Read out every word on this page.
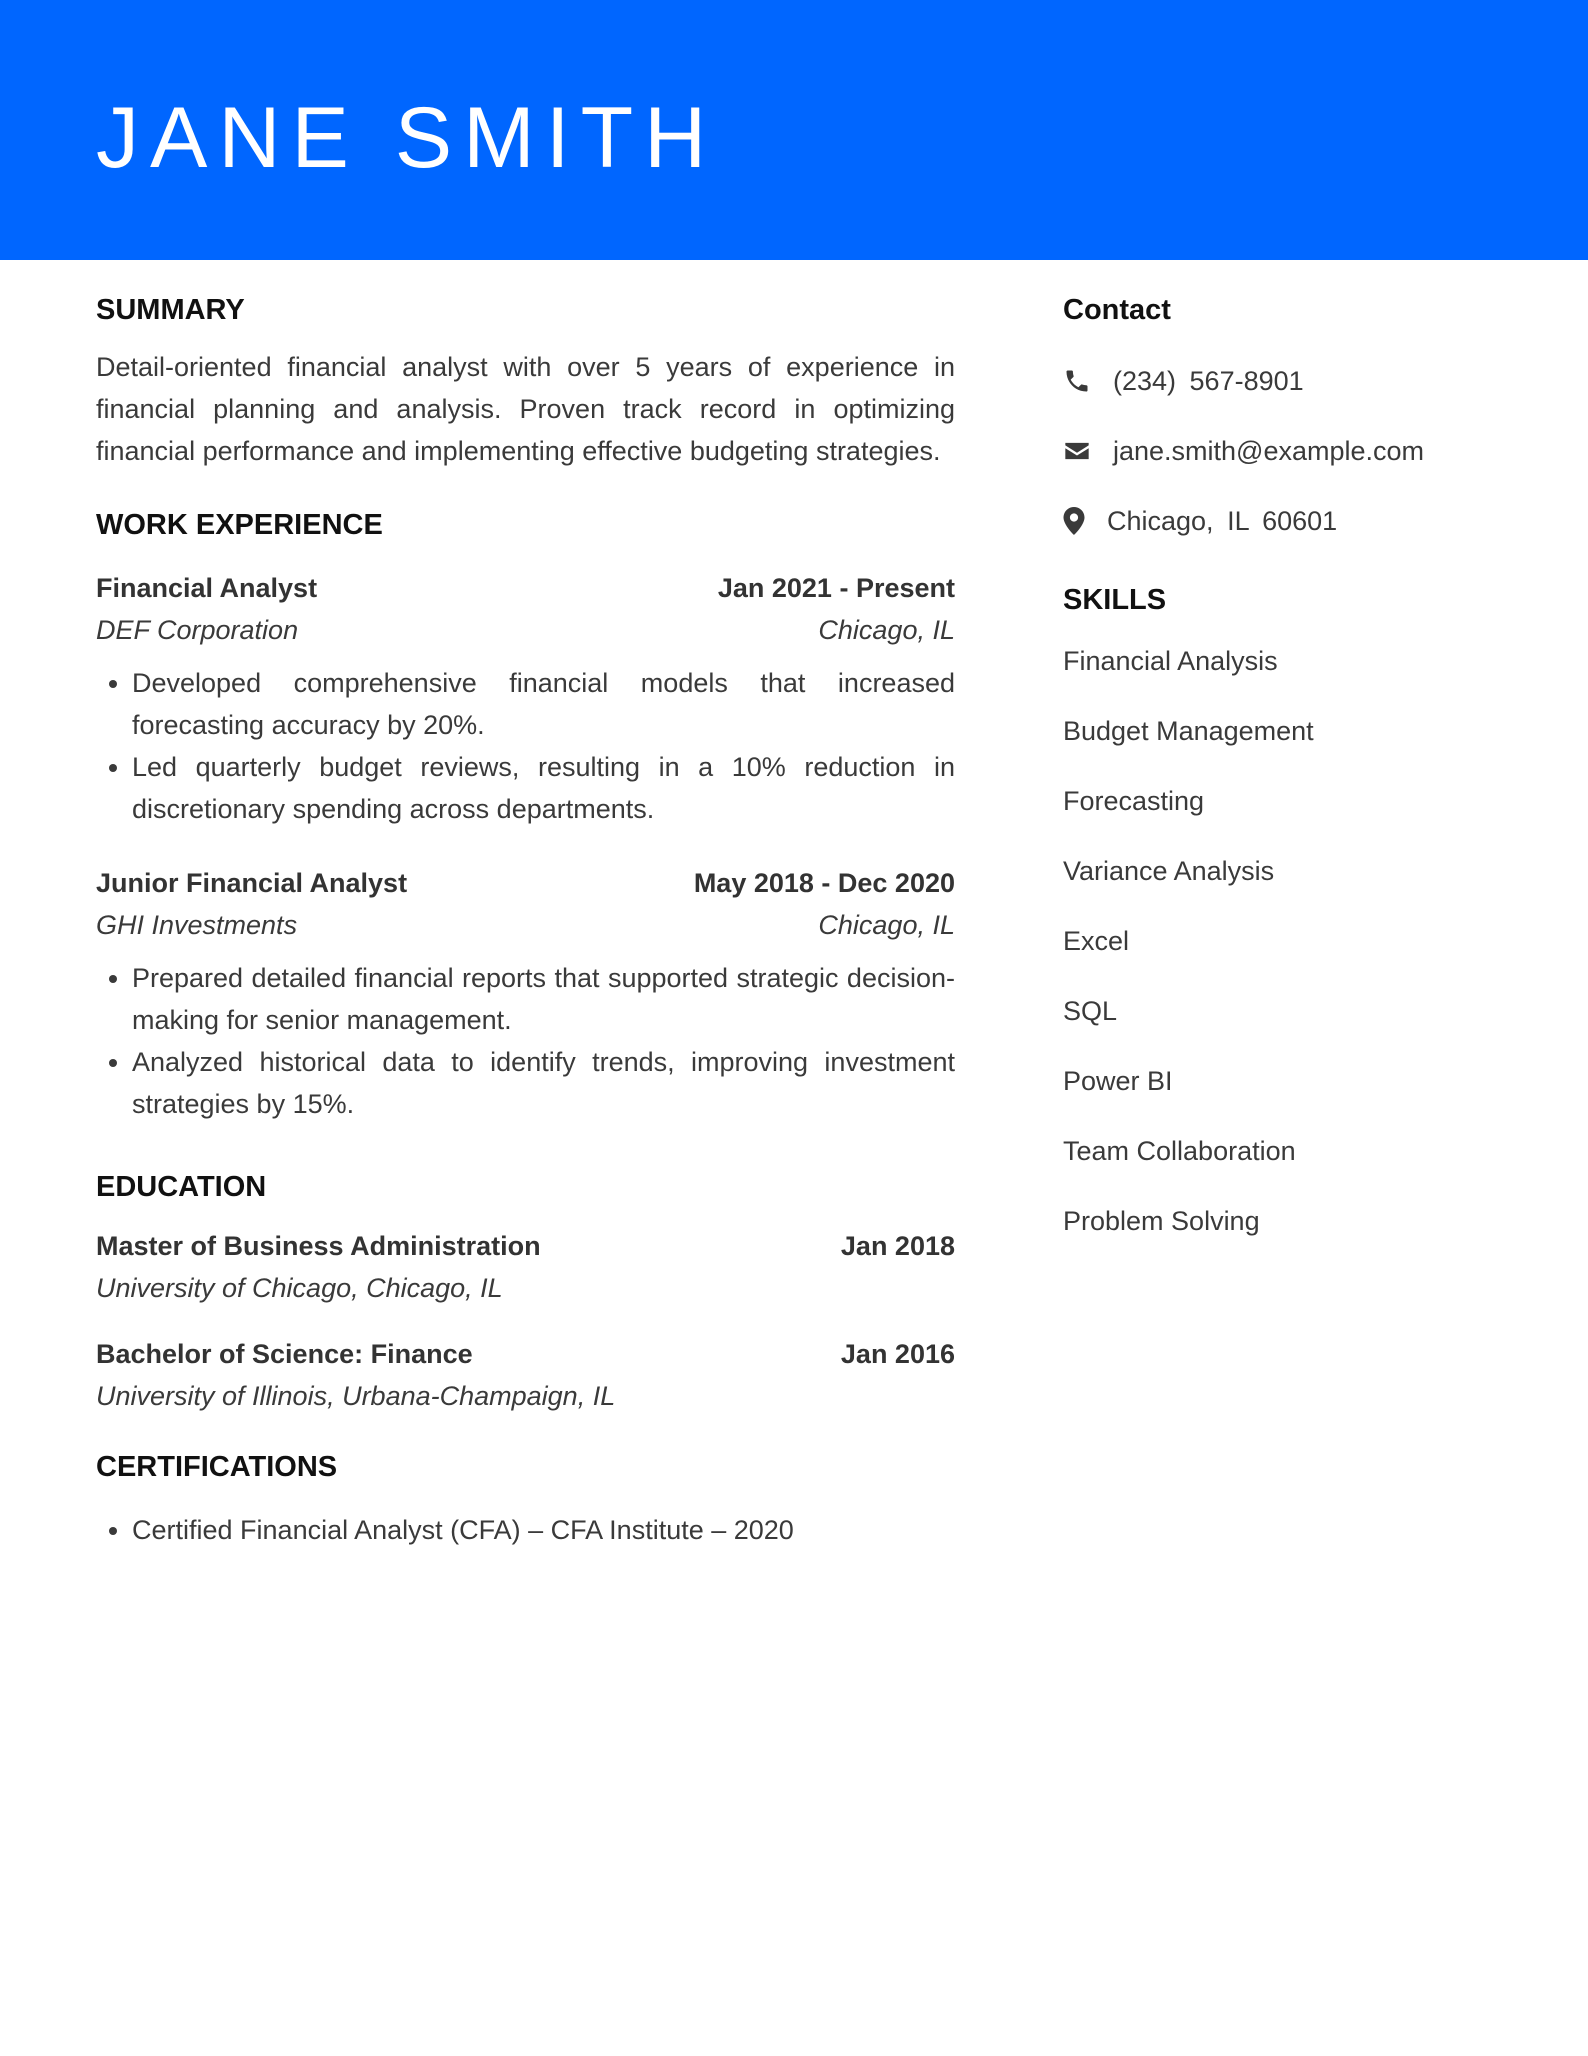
JANE SMITH
SUMMARY

Detail-oriented financial analyst with over 5 years of experience in financial planning and analysis. Proven track record in optimizing financial performance and implementing effective budgeting strategies.

WORK EXPERIENCE
Financial Analyst	Jan 2021 - Present
DEF Corporation	Chicago, IL
• Developed comprehensive financial models that increased forecasting accuracy by 20%.
• Led quarterly budget reviews, resulting in a 10% reduction in discretionary spending across departments.
Junior Financial Analyst	May 2018 - Dec 2020
GHI Investments	Chicago, IL
• Prepared detailed financial reports that supported strategic decision-making for senior management.
• Analyzed historical data to identify trends, improving investment strategies by 15%.
EDUCATION
Master of Business Administration	Jan 2018
University of Chicago, Chicago, IL
Bachelor of Science: Finance	Jan 2016
University of Illinois, Urbana-Champaign, IL
CERTIFICATIONS
• Certified Financial Analyst (CFA) – CFA Institute – 2020
Contact
(234) 567-8901
jane.smith@example.com
Chicago, IL 60601
SKILLS
Financial Analysis
Budget Management
Forecasting
Variance Analysis
Excel
SQL
Power BI
Team Collaboration
Problem Solving
